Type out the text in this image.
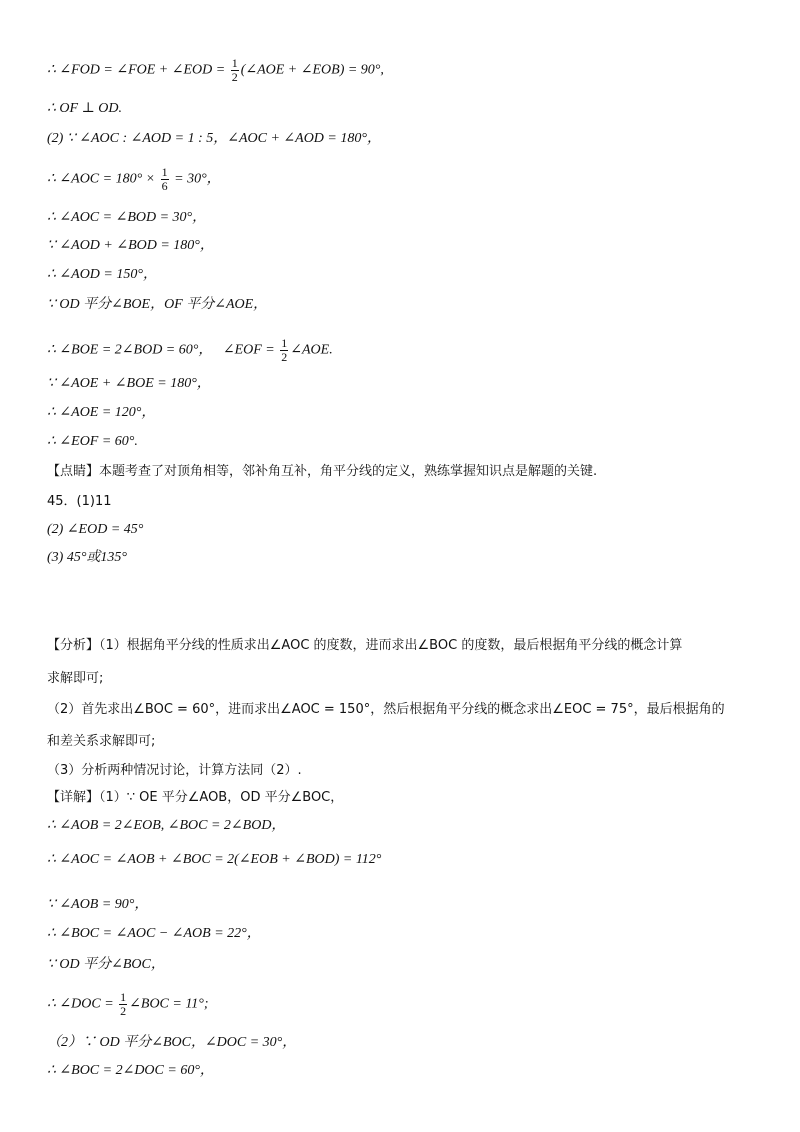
∴ ∠FOD = ∠FOE + ∠EOD = $\frac{1}{2}$ (∠AOE + ∠EOB) = 90°,
∴ OF ⊥ OD.
(2) ∵ ∠AOC : ∠AOD = 1 : 5，∠AOC + ∠AOD = 180°，
∴ ∠AOC = $180^\circ \times \frac{1}{6} = 30^\circ$，
∴ ∠AOC = ∠BOD = 30°，
∵ ∠AOD + ∠BOD = 180°，
∴ ∠AOD = 150°，
∵ OD 平分∠BOE，OF 平分∠AOE，
∴ ∠BOE = 2∠BOD = 60°， ∠EOF = $\frac{1}{2}$ ∠AOE.
∵ ∠AOE + ∠BOE = 180°，
∴ ∠AOE = 120°，
∴ ∠EOF = 60°.
【点睛】本题考查了对顶角相等，邻补角互补，角平分线的定义，熟练掌握知识点是解题的关键.
45．(1)11
(2) ∠EOD = 45°
(3) 45°或135°
【分析】（1）根据角平分线的性质求出∠AOC 的度数，进而求出∠BOC 的度数，最后根据角平分线的概念计算
求解即可;
（2）首先求出∠BOC = 60°，进而求出∠AOC = 150°，然后根据角平分线的概念求出∠EOC = 75°，最后根据角的
和差关系求解即可;
（3）分析两种情况讨论，计算方法同（2）.
【详解】（1）∵ OE 平分∠AOB，OD 平分∠BOC，
∴ ∠AOB = 2∠EOB, ∠BOC = 2∠BOD，
∴ ∠AOC = ∠AOB + ∠BOC = 2(∠EOB + ∠BOD) = 112°
∵ ∠AOB = 90°，
∴ ∠BOC = ∠AOC − ∠AOB = 22°，
∵ OD 平分∠BOC，
∴ ∠DOC = $\frac{1}{2}$ ∠BOC = 11°;
（2）∵ OD 平分∠BOC，∠DOC = 30°，
∴ ∠BOC = 2∠DOC = 60°，
